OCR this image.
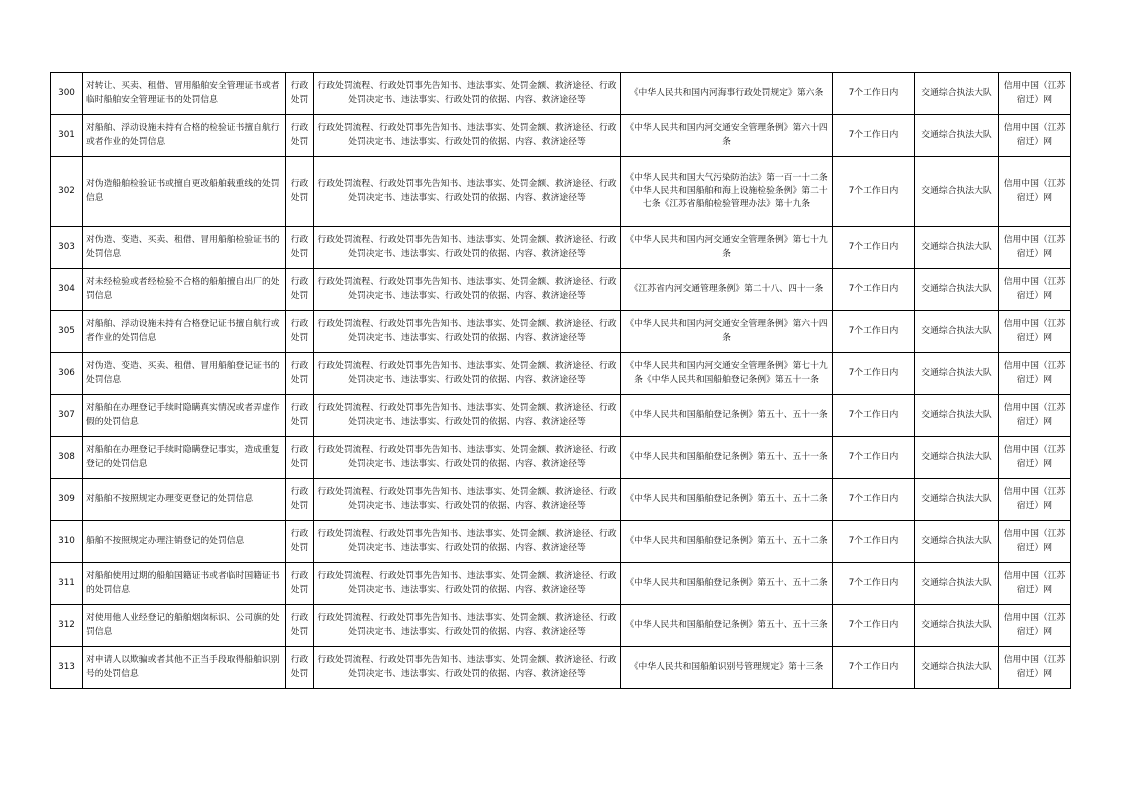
300	对转让、买卖、租借、冒用船舶安全管理证书或者临时船舶安全管理证书的处罚信息	行政处罚	行政处罚流程、行政处罚事先告知书、违法事实、处罚金额、救济途径、行政处罚决定书、违法事实、行政处罚的依据、内容、救济途径等	《中华人民共和国内河海事行政处罚规定》第六条	7个工作日内	交通综合执法大队	信用中国（江苏宿迁）网
301	对船舶、浮动设施未持有合格的检验证书擅自航行或者作业的处罚信息	行政处罚	行政处罚流程、行政处罚事先告知书、违法事实、处罚金额、救济途径、行政处罚决定书、违法事实、行政处罚的依据、内容、救济途径等	《中华人民共和国内河交通安全管理条例》第六十四条	7个工作日内	交通综合执法大队	信用中国（江苏宿迁）网
302	对伪造船舶检验证书或擅自更改船舶载重线的处罚信息	行政处罚	行政处罚流程、行政处罚事先告知书、违法事实、处罚金额、救济途径、行政处罚决定书、违法事实、行政处罚的依据、内容、救济途径等	《中华人民共和国大气污染防治法》第一百一十二条《中华人民共和国船舶和海上设施检验条例》第二十七条《江苏省船舶检验管理办法》第十九条	7个工作日内	交通综合执法大队	信用中国（江苏宿迁）网
303	对伪造、变造、买卖、租借、冒用船舶检验证书的处罚信息	行政处罚	行政处罚流程、行政处罚事先告知书、违法事实、处罚金额、救济途径、行政处罚决定书、违法事实、行政处罚的依据、内容、救济途径等	《中华人民共和国内河交通安全管理条例》第七十九条	7个工作日内	交通综合执法大队	信用中国（江苏宿迁）网
304	对未经检验或者经检验不合格的船舶擅自出厂的处罚信息	行政处罚	行政处罚流程、行政处罚事先告知书、违法事实、处罚金额、救济途径、行政处罚决定书、违法事实、行政处罚的依据、内容、救济途径等	《江苏省内河交通管理条例》第二十八、四十一条	7个工作日内	交通综合执法大队	信用中国（江苏宿迁）网
305	对船舶、浮动设施未持有合格登记证书擅自航行或者作业的处罚信息	行政处罚	行政处罚流程、行政处罚事先告知书、违法事实、处罚金额、救济途径、行政处罚决定书、违法事实、行政处罚的依据、内容、救济途径等	《中华人民共和国内河交通安全管理条例》第六十四条	7个工作日内	交通综合执法大队	信用中国（江苏宿迁）网
306	对伪造、变造、买卖、租借、冒用船舶登记证书的处罚信息	行政处罚	行政处罚流程、行政处罚事先告知书、违法事实、处罚金额、救济途径、行政处罚决定书、违法事实、行政处罚的依据、内容、救济途径等	《中华人民共和国内河交通安全管理条例》第七十九条《中华人民共和国船舶登记条例》第五十一条	7个工作日内	交通综合执法大队	信用中国（江苏宿迁）网
307	对船舶在办理登记手续时隐瞒真实情况或者弄虚作假的处罚信息	行政处罚	行政处罚流程、行政处罚事先告知书、违法事实、处罚金额、救济途径、行政处罚决定书、违法事实、行政处罚的依据、内容、救济途径等	《中华人民共和国船舶登记条例》第五十、五十一条	7个工作日内	交通综合执法大队	信用中国（江苏宿迁）网
308	对船舶在办理登记手续时隐瞒登记事实，造成重复登记的处罚信息	行政处罚	行政处罚流程、行政处罚事先告知书、违法事实、处罚金额、救济途径、行政处罚决定书、违法事实、行政处罚的依据、内容、救济途径等	《中华人民共和国船舶登记条例》第五十、五十一条	7个工作日内	交通综合执法大队	信用中国（江苏宿迁）网
309	对船舶不按照规定办理变更登记的处罚信息	行政处罚	行政处罚流程、行政处罚事先告知书、违法事实、处罚金额、救济途径、行政处罚决定书、违法事实、行政处罚的依据、内容、救济途径等	《中华人民共和国船舶登记条例》第五十、五十二条	7个工作日内	交通综合执法大队	信用中国（江苏宿迁）网
310	船舶不按照规定办理注销登记的处罚信息	行政处罚	行政处罚流程、行政处罚事先告知书、违法事实、处罚金额、救济途径、行政处罚决定书、违法事实、行政处罚的依据、内容、救济途径等	《中华人民共和国船舶登记条例》第五十、五十二条	7个工作日内	交通综合执法大队	信用中国（江苏宿迁）网
311	对船舶使用过期的船舶国籍证书或者临时国籍证书的处罚信息	行政处罚	行政处罚流程、行政处罚事先告知书、违法事实、处罚金额、救济途径、行政处罚决定书、违法事实、行政处罚的依据、内容、救济途径等	《中华人民共和国船舶登记条例》第五十、五十二条	7个工作日内	交通综合执法大队	信用中国（江苏宿迁）网
312	对使用他人业经登记的船舶烟囱标识、公司旗的处罚信息	行政处罚	行政处罚流程、行政处罚事先告知书、违法事实、处罚金额、救济途径、行政处罚决定书、违法事实、行政处罚的依据、内容、救济途径等	《中华人民共和国船舶登记条例》第五十、五十三条	7个工作日内	交通综合执法大队	信用中国（江苏宿迁）网
313	对申请人以欺骗或者其他不正当手段取得船舶识别号的处罚信息	行政处罚	行政处罚流程、行政处罚事先告知书、违法事实、处罚金额、救济途径、行政处罚决定书、违法事实、行政处罚的依据、内容、救济途径等	《中华人民共和国船舶识别号管理规定》第十三条	7个工作日内	交通综合执法大队	信用中国（江苏宿迁）网
